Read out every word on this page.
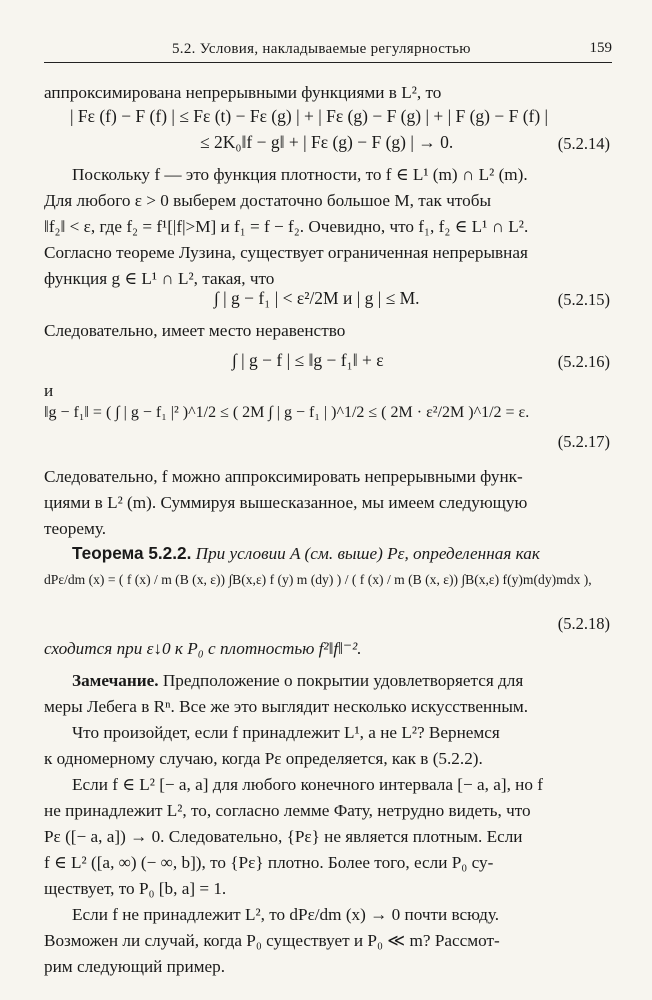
5.2. Условия, накладываемые регулярностью	159

аппроксимирована непрерывными функциями в L², то

| Fε (f) − F (f) | ≤ Fε (t) − Fε (g) | + | Fε (g) − F (g) | + | F (g) − F (f) |
≤ 2K₀‖f − g‖ + | Fε (g) − F (g) | → 0.	(5.2.14)

Поскольку f — это функция плотности, то f ∈ L¹ (m) ∩ L² (m).

Для любого ε > 0 выберем достаточно большое M, так чтобы

‖f₂‖ < ε, где f₂ = f¹[|f|>M] и f₁ = f − f₂. Очевидно, что f₁, f₂ ∈ L¹ ∩ L².

Согласно теореме Лузина, существует ограниченная непрерывная

функция g ∈ L¹ ∩ L², такая, что

∫ | g − f₁ | < ε²/2M и | g | ≤ M.	(5.2.15)

Следовательно, имеет место неравенство

∫ | g − f | ≤ ‖g − f₁‖ + ε	(5.2.16)

и

‖g − f₁‖ = ( ∫ | g − f₁ |² )^1/2 ≤ ( 2M ∫ | g − f₁ | )^1/2 ≤ ( 2M · ε²/2M )^1/2 = ε.
(5.2.17)

Следовательно, f можно аппроксимировать непрерывными функ-

циями в L² (m). Суммируя вышесказанное, мы имеем следующую

теорему.

Теорема 5.2.2. При условии A (см. выше) Pε, определенная как

dPε/dm (x) = ( f (x) / m (B (x, ε)) ∫B(x,ε) f (y) m (dy) ) / ( f (x) / m (B (x, ε)) ∫B(x,ε) f(y)m(dy)mdx ),
(5.2.18)

сходится при ε↓0 к P₀ с плотностью f²‖f‖⁻².

Замечание. Предположение о покрытии удовлетворяется для

меры Лебега в Rⁿ. Все же это выглядит несколько искусственным.

Что произойдет, если f принадлежит L¹, а не L²? Вернемся

к одномерному случаю, когда Pε определяется, как в (5.2.2).

Если f ∈ L² [− a, a] для любого конечного интервала [− a, a], но f

не принадлежит L², то, согласно лемме Фату, нетрудно видеть, что

Pε ([− a, a]) → 0. Следовательно, {Pε} не является плотным. Если

f ∈ L² ([a, ∞) (− ∞, b]), то {Pε} плотно. Более того, если P₀ су-

ществует, то P₀ [b, a] = 1.

Если f не принадлежит L², то dPε/dm (x) → 0 почти всюду.

Возможен ли случай, когда P₀ существует и P₀ ≪ m? Рассмот-

рим следующий пример.
